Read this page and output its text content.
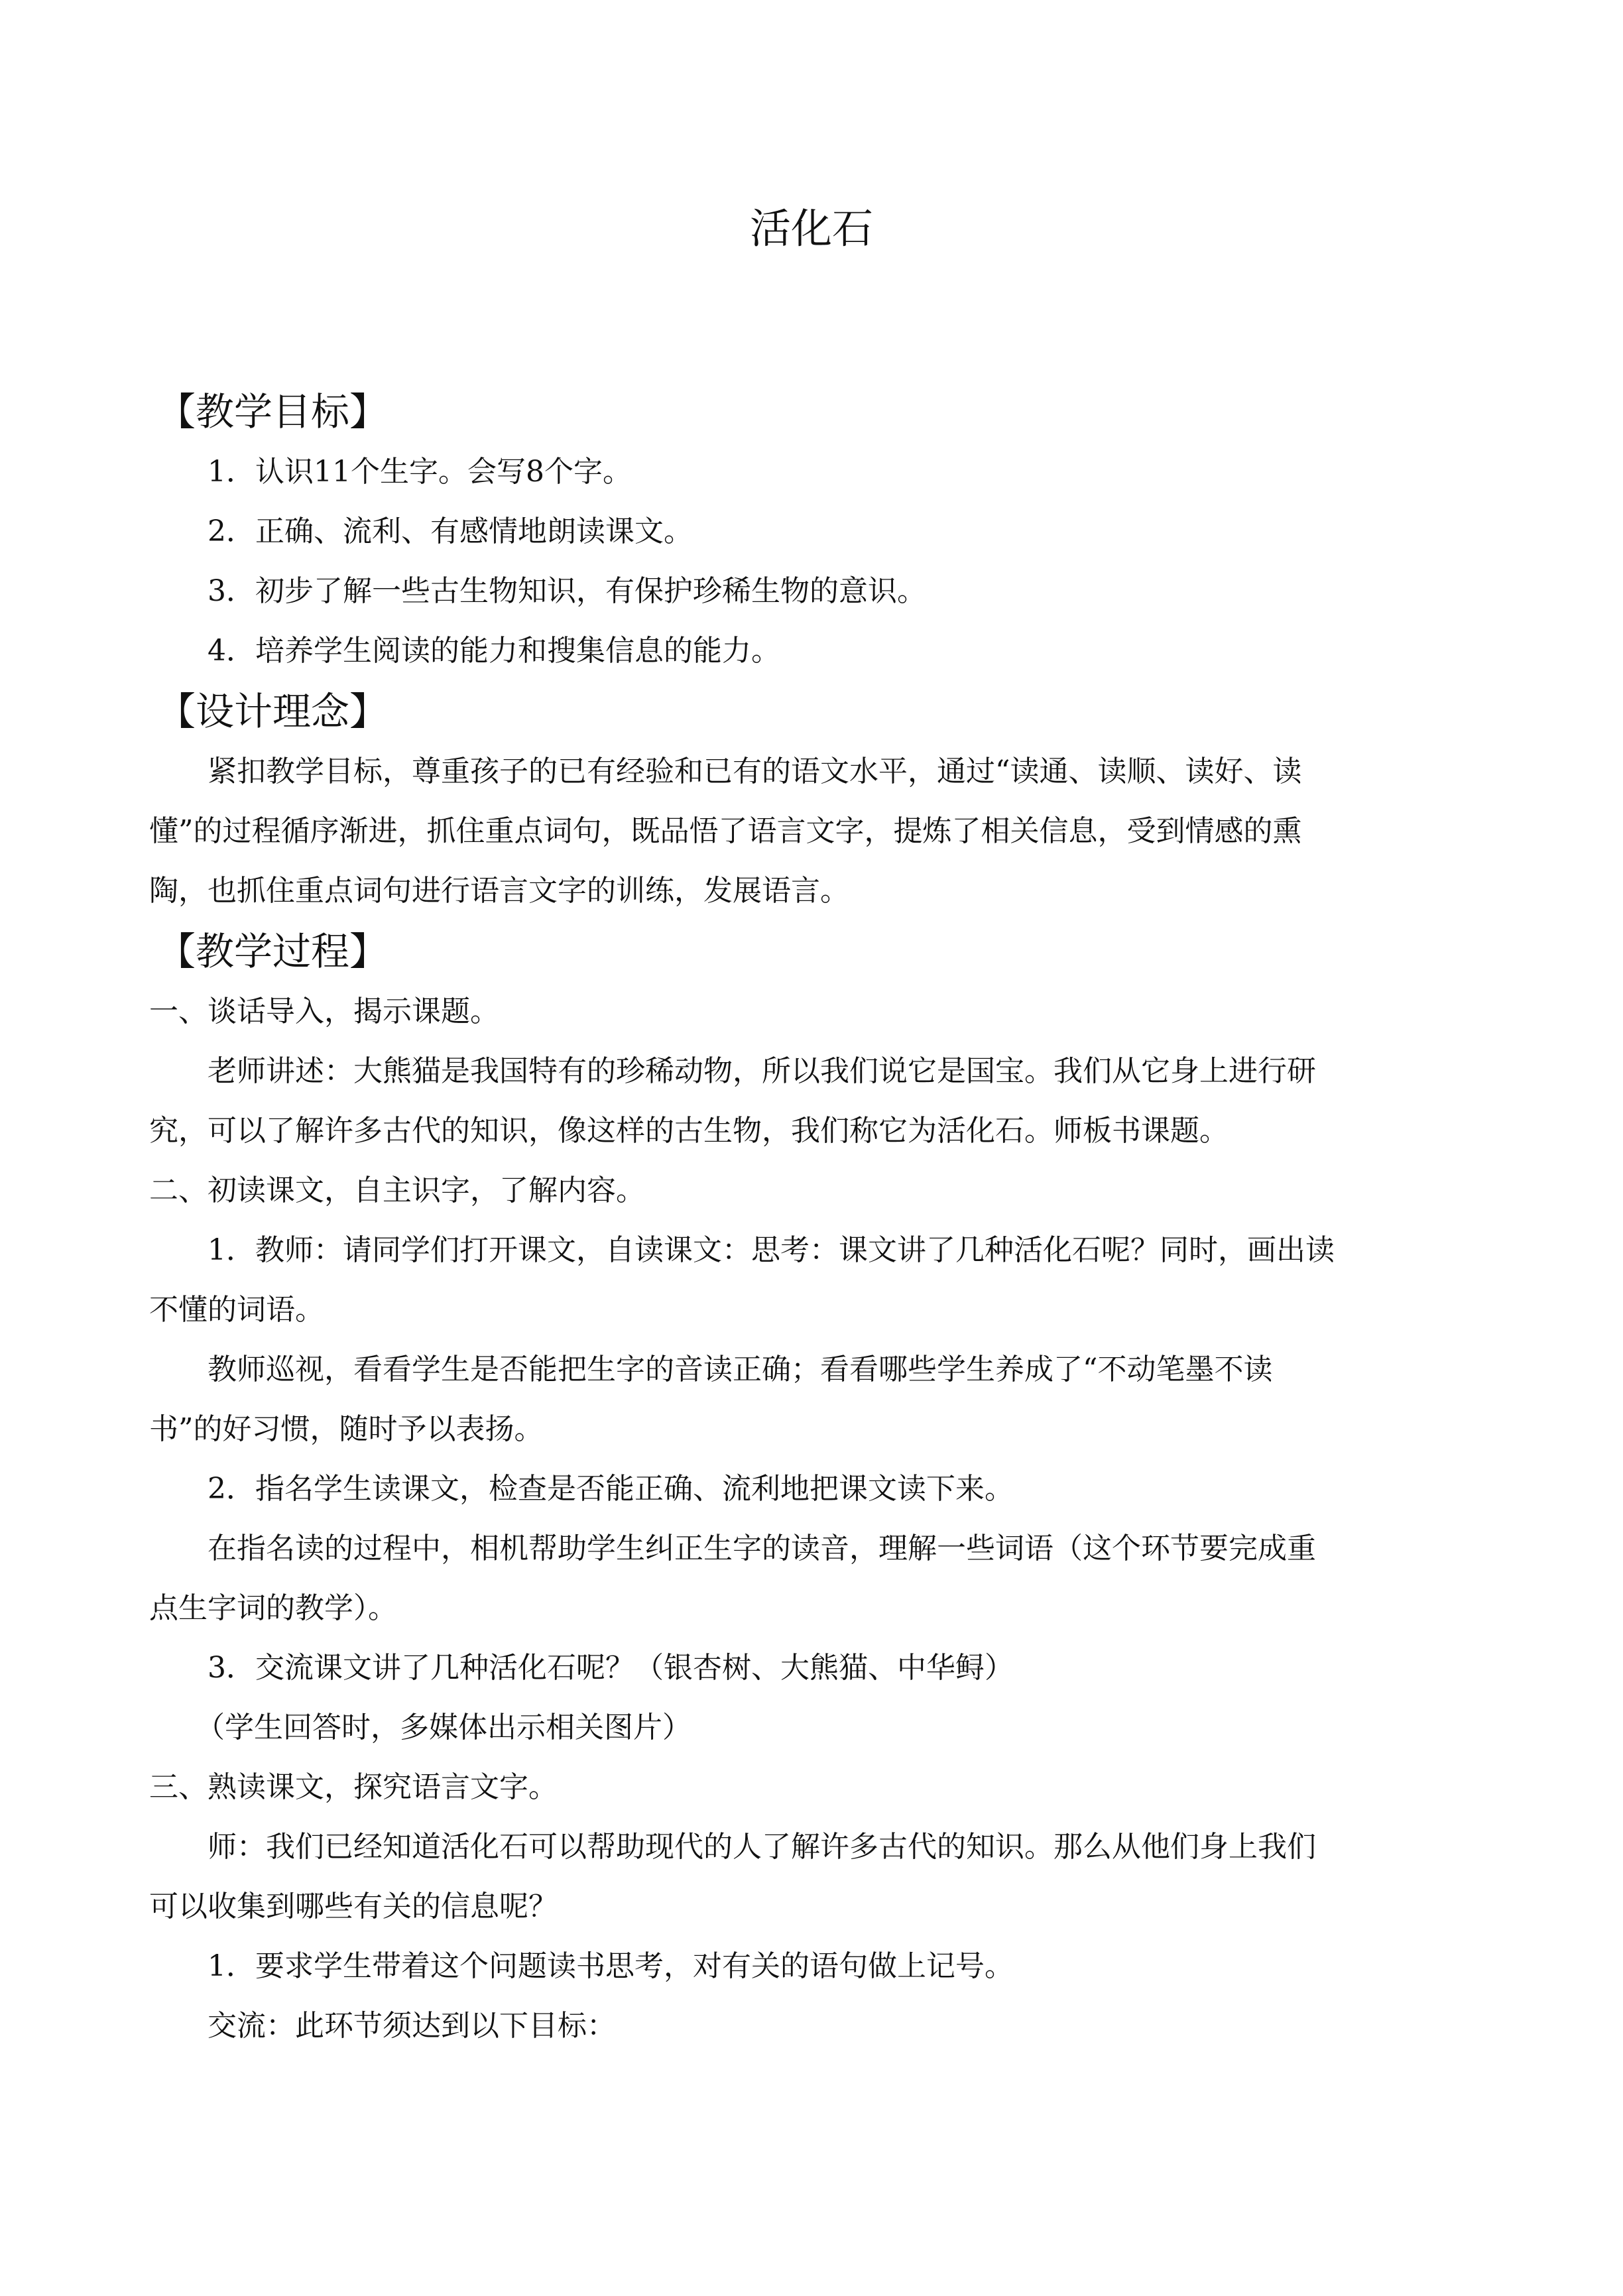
活化石
【教学目标】
1．认识11个生字。会写8个字。
2．正确、流利、有感情地朗读课文。
3．初步了解一些古生物知识，有保护珍稀生物的意识。
4．培养学生阅读的能力和搜集信息的能力。
【设计理念】
紧扣教学目标，尊重孩子的已有经验和已有的语文水平，通过“读通、读顺、读好、读
懂”的过程循序渐进，抓住重点词句，既品悟了语言文字，提炼了相关信息，受到情感的熏
陶，也抓住重点词句进行语言文字的训练，发展语言。
【教学过程】
一、谈话导入，揭示课题。
老师讲述：大熊猫是我国特有的珍稀动物，所以我们说它是国宝。我们从它身上进行研
究，可以了解许多古代的知识，像这样的古生物，我们称它为活化石。师板书课题。
二、初读课文，自主识字，了解内容。
1．教师：请同学们打开课文，自读课文：思考：课文讲了几种活化石呢？同时，画出读
不懂的词语。
教师巡视，看看学生是否能把生字的音读正确；看看哪些学生养成了“不动笔墨不读
书”的好习惯，随时予以表扬。
2．指名学生读课文，检查是否能正确、流利地把课文读下来。
在指名读的过程中，相机帮助学生纠正生字的读音，理解一些词语（这个环节要完成重
点生字词的教学）。
3．交流课文讲了几种活化石呢？（银杏树、大熊猫、中华鲟）
（学生回答时，多媒体出示相关图片）
三、熟读课文，探究语言文字。
师：我们已经知道活化石可以帮助现代的人了解许多古代的知识。那么从他们身上我们
可以收集到哪些有关的信息呢？
1．要求学生带着这个问题读书思考，对有关的语句做上记号。
交流：此环节须达到以下目标：
